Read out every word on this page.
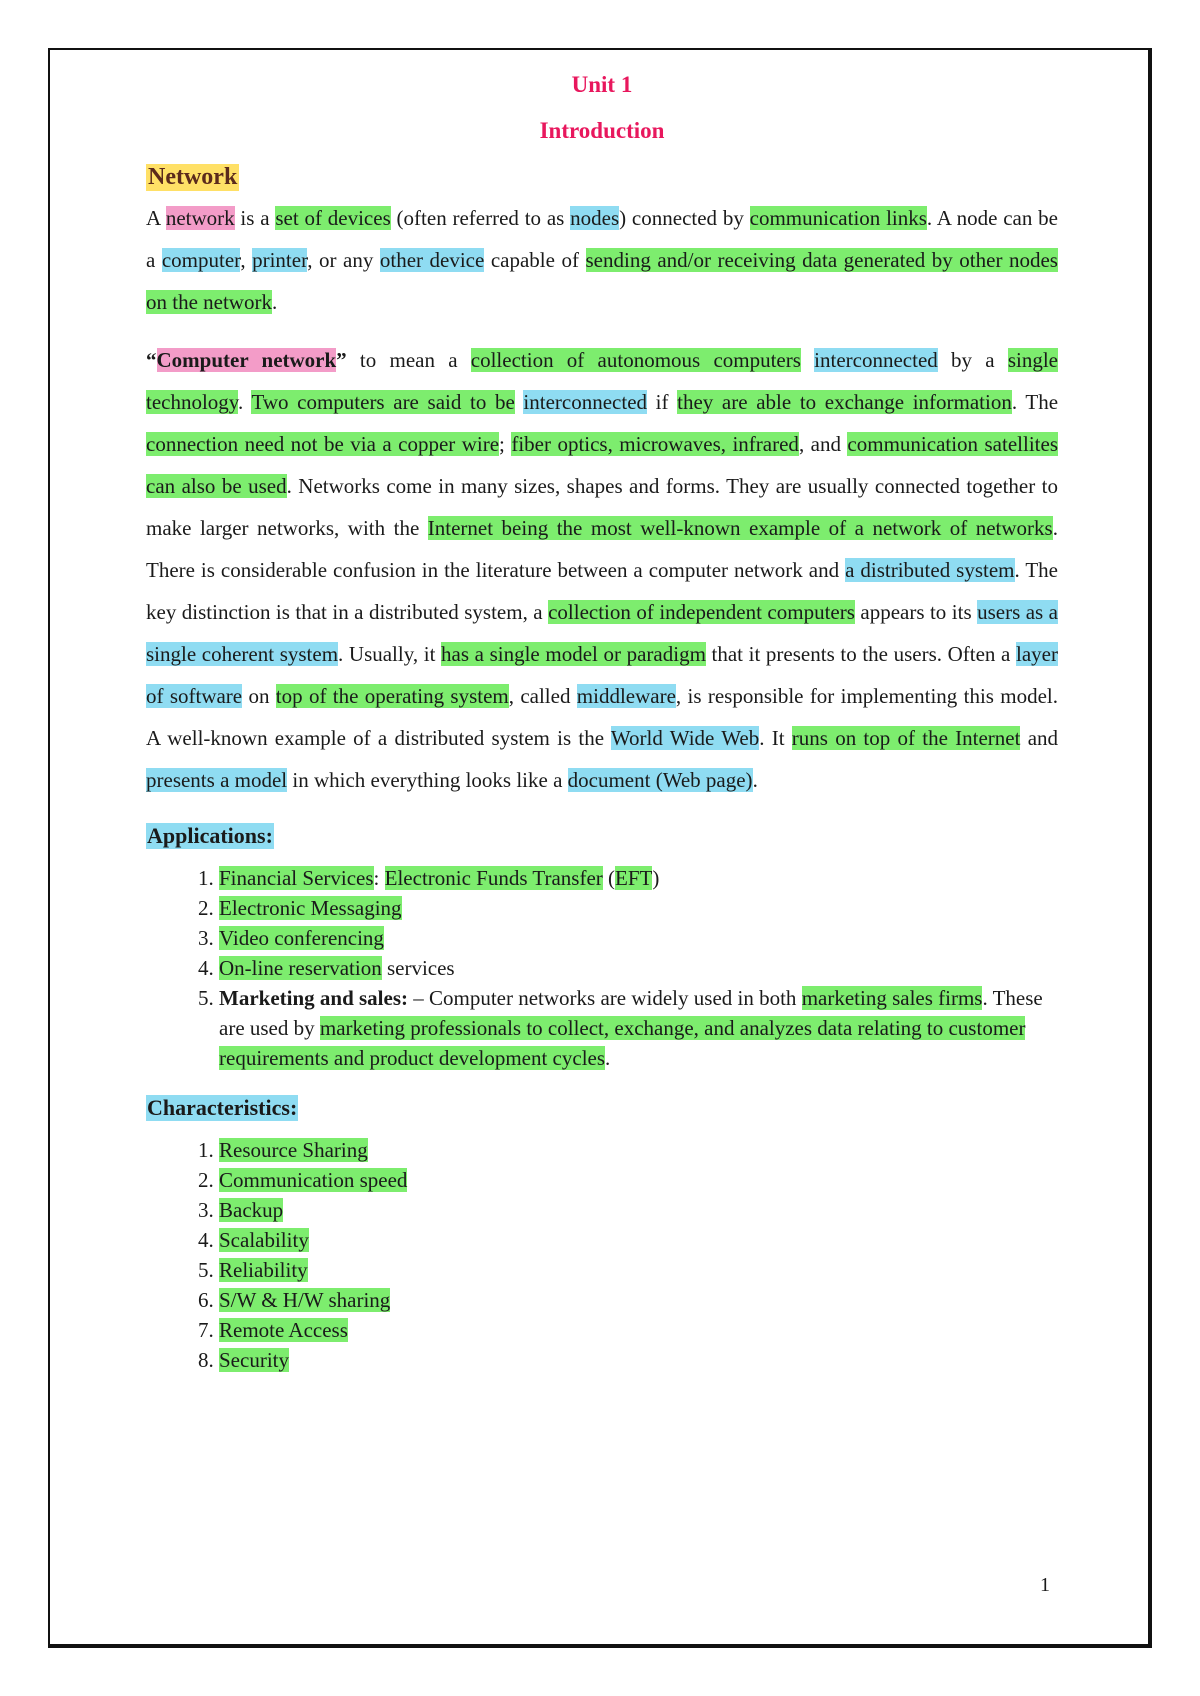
Unit 1
Introduction
Network

A network is a set of devices (often referred to as nodes) connected by communication links. A node can be a computer, printer, or any other device capable of sending and/or receiving data generated by other nodes on the network.

“Computer network” to mean a collection of autonomous computers interconnected by a single technology. Two computers are said to be interconnected if they are able to exchange information. The connection need not be via a copper wire; fiber optics, microwaves, infrared, and communication satellites can also be used. Networks come in many sizes, shapes and forms. They are usually connected together to make larger networks, with the Internet being the most well-known example of a network of networks. There is considerable confusion in the literature between a computer network and a distributed system. The key distinction is that in a distributed system, a collection of independent computers appears to its users as a single coherent system. Usually, it has a single model or paradigm that it presents to the users. Often a layer of software on top of the operating system, called middleware, is responsible for implementing this model. A well-known example of a distributed system is the World Wide Web. It runs on top of the Internet and presents a model in which everything looks like a document (Web page).

Applications:
1. Financial Services: Electronic Funds Transfer (EFT)
2. Electronic Messaging
3. Video conferencing
4. On-line reservation services
5. Marketing and sales: – Computer networks are widely used in both marketing sales firms. These are used by marketing professionals to collect, exchange, and analyzes data relating to customer requirements and product development cycles.
Characteristics:
1. Resource Sharing
2. Communication speed
3. Backup
4. Scalability
5. Reliability
6. S/W & H/W sharing
7. Remote Access
8. Security
1
